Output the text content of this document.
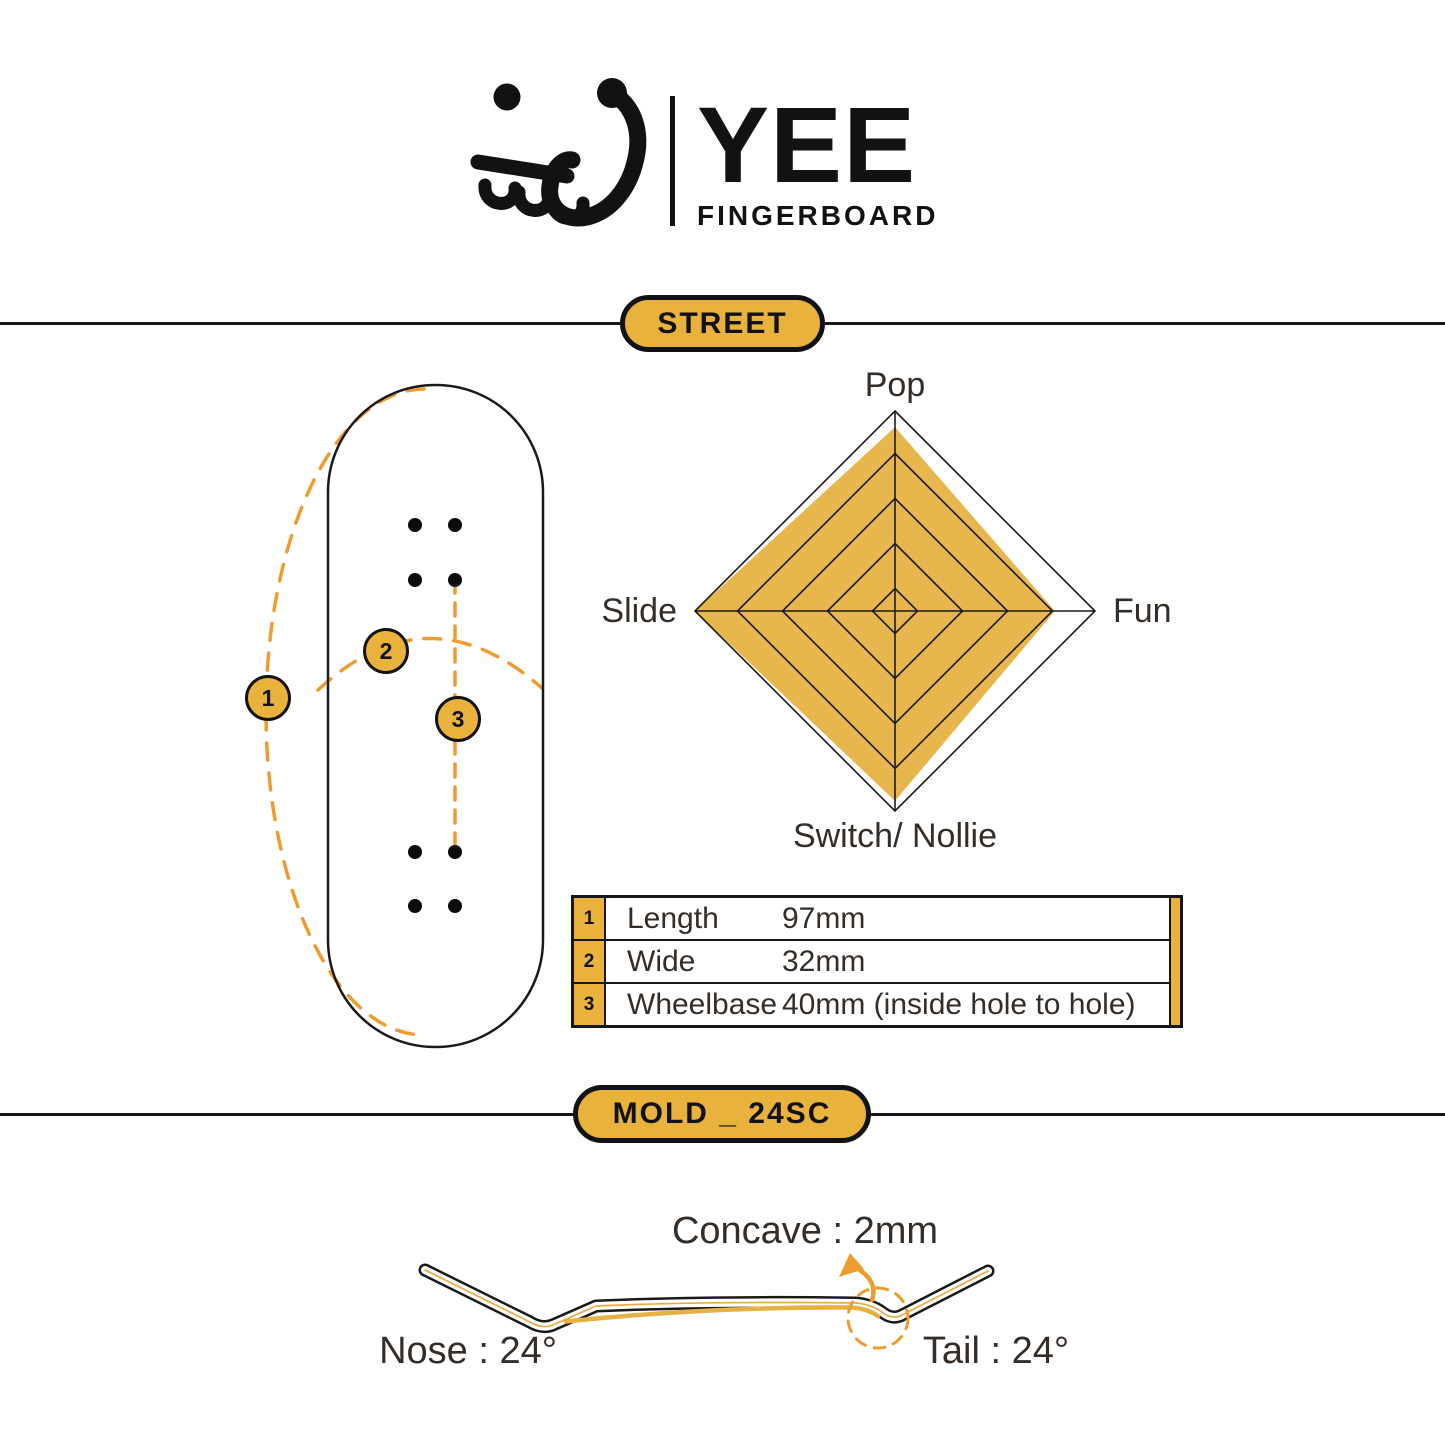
YEE
FINGERBOARD
STREET
1
2
3
Pop
Fun
Switch/ Nollie
Slide
1	Length	97mm
2	Wide	32mm
3	Wheelbase 40mm (inside hole to hole)
MOLD _ 24SC
Concave : 2mm
Nose : 24°	Tail : 24°
